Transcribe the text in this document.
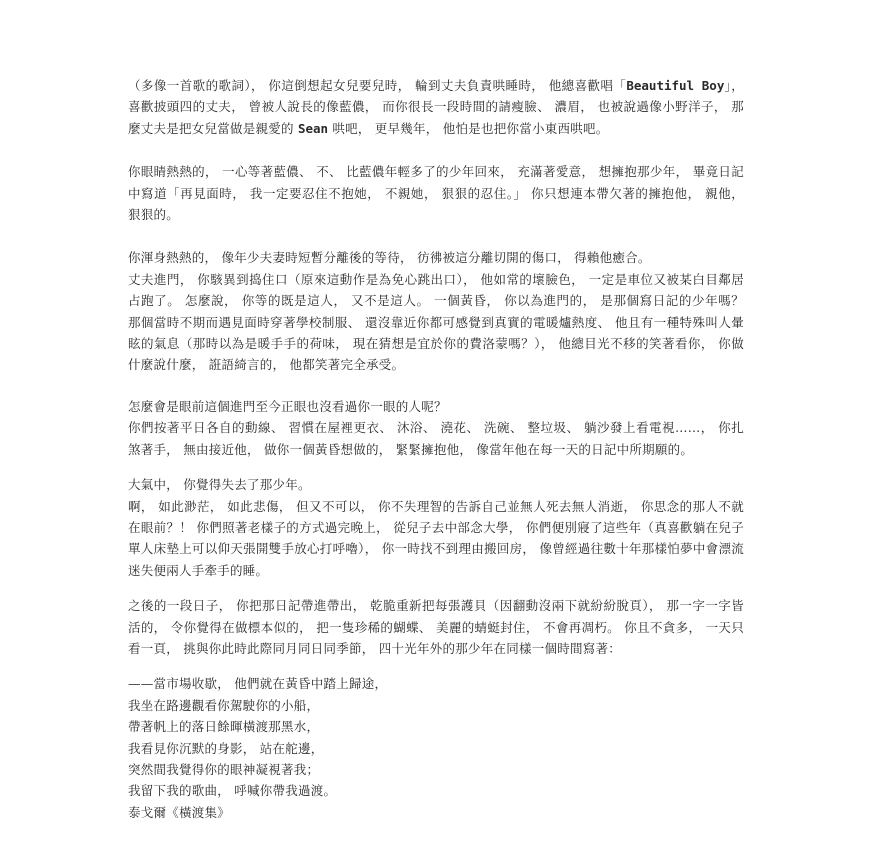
（多像一首歌的歌詞）， 你這倒想起女兒要兒時， 輪到丈夫負責哄睡時， 他總喜歡唱「Beautiful Boy」， 喜歡披頭四的丈夫， 曾被人說長的像藍儂， 而你很長一段時間的請瘦臉、 濃眉， 也被說過像小野洋子， 那麼丈夫是把女兒當做是親愛的 Sean 哄吧， 更早幾年， 他怕是也把你當小東西哄吧。

你眼睛熱熱的， 一心等著藍儂、 不、 比藍儂年輕多了的少年回來， 充滿著愛意， 想擁抱那少年， 畢竟日記中寫道「再見面時， 我一定要忍住不抱她， 不親她， 狠狠的忍住。」 你只想連本帶欠著的擁抱他， 親他， 狠狠的。

你渾身熱熱的， 像年少夫妻時短暫分離後的等待， 彷彿被這分離切開的傷口， 得賴他癒合。

丈夫進門， 你駭異到捣住口（原來這動作是為免心跳出口）， 他如常的壞臉色， 一定是車位又被某白目鄰居占跑了。 怎麼說， 你等的既是這人， 又不是這人。 一個黃昏， 你以為進門的， 是那個寫日記的少年嗎？ 那個當時不期而遇見面時穿著學校制服、 還沒靠近你都可感覺到真實的電暖爐熱度、 他且有一種特殊叫人暈眩的氣息（那時以為是暖手手的荷味， 現在猜想是宜於你的費洛蒙嗎？）， 他總目光不移的笑著看你， 你做什麼說什麼， 誑語綺言的， 他都笑著完全承受。

怎麼會是眼前這個進門至今正眼也沒看過你一眼的人呢？

你們按著平日各自的動線、 習慣在屋裡更衣、 沐浴、 澆花、 洗碗、 整垃圾、 躺沙發上看電視……， 你扎煞著手， 無由接近他， 做你一個黃昏想做的， 緊緊擁抱他， 像當年他在每一天的日記中所期願的。

大氣中， 你覺得失去了那少年。

啊， 如此渺茫， 如此悲傷， 但又不可以， 你不失理智的告訴自己並無人死去無人消逝， 你思念的那人不就在眼前？！ 你們照著老樣子的方式過完晚上， 從兒子去中部念大學， 你們便別寢了這些年（真喜歡躺在兒子單人床墊上可以仰天張開雙手放心打呼嚕）， 你一時找不到理由搬回房， 像曾經過往數十年那樣怕夢中會漂流迷失便兩人手牽手的睡。

之後的一段日子， 你把那日記帶進帶出， 乾脆重新把每張護貝（因翻動沒兩下就紛紛脫頁）， 那一字一字皆活的， 令你覺得在做標本似的， 把一隻珍稀的蝴蝶、 美麗的蜻蜓封住， 不會再凋朽。 你且不貪多， 一天只看一頁， 挑與你此時此際同月同日同季節， 四十光年外的那少年在同樣一個時間寫著：

——當市場收歇， 他們就在黃昏中踏上歸途，
我坐在路邊觀看你駕駛你的小船，
帶著帆上的落日餘暉橫渡那黑水，
我看見你沉默的身影， 站在舵邊，
突然間我覺得你的眼神凝視著我；
我留下我的歌曲， 呼喊你帶我過渡。
泰戈爾《橫渡集》
